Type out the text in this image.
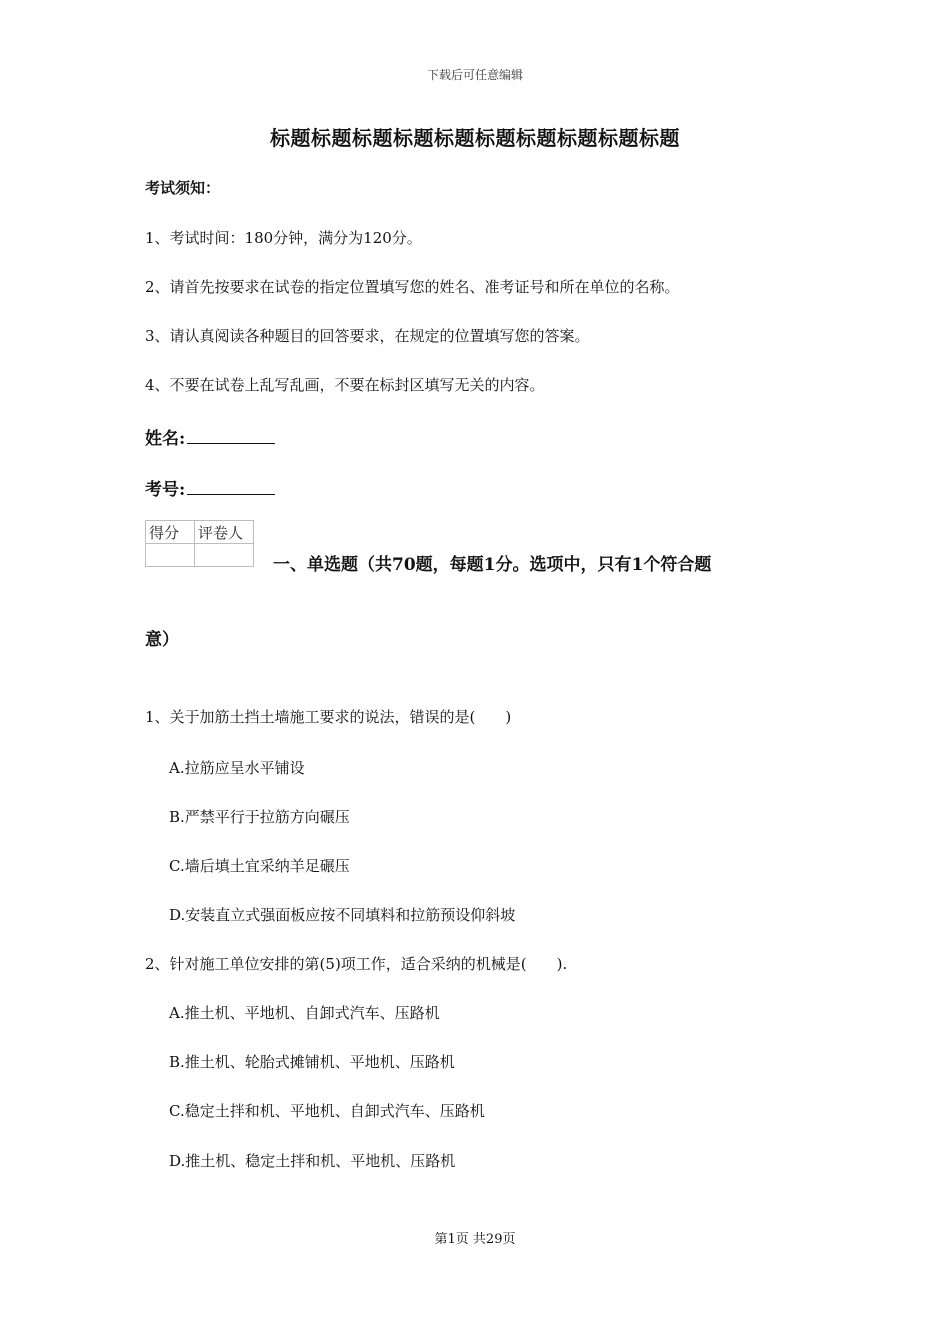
下载后可任意编辑
标题标题标题标题标题标题标题标题标题标题
考试须知：
1、考试时间：180分钟，满分为120分。
2、请首先按要求在试卷的指定位置填写您的姓名、准考证号和所在单位的名称。
3、请认真阅读各种题目的回答要求，在规定的位置填写您的答案。
4、不要在试卷上乱写乱画，不要在标封区填写无关的内容。
姓名:
考号:
得分	评卷人

一、单选题（共70题，每题1分。选项中，只有1个符合题
意）
1、关于加筋土挡土墙施工要求的说法，错误的是(　　)
A.拉筋应呈水平铺设
B.严禁平行于拉筋方向碾压
C.墙后填土宜采纳羊足碾压
D.安装直立式强面板应按不同填料和拉筋预设仰斜坡
2、针对施工单位安排的第(5)项工作，适合采纳的机械是(　　).
A.推土机、平地机、自卸式汽车、压路机
B.推土机、轮胎式摊铺机、平地机、压路机
C.稳定土拌和机、平地机、自卸式汽车、压路机
D.推土机、稳定土拌和机、平地机、压路机
第1页 共29页
